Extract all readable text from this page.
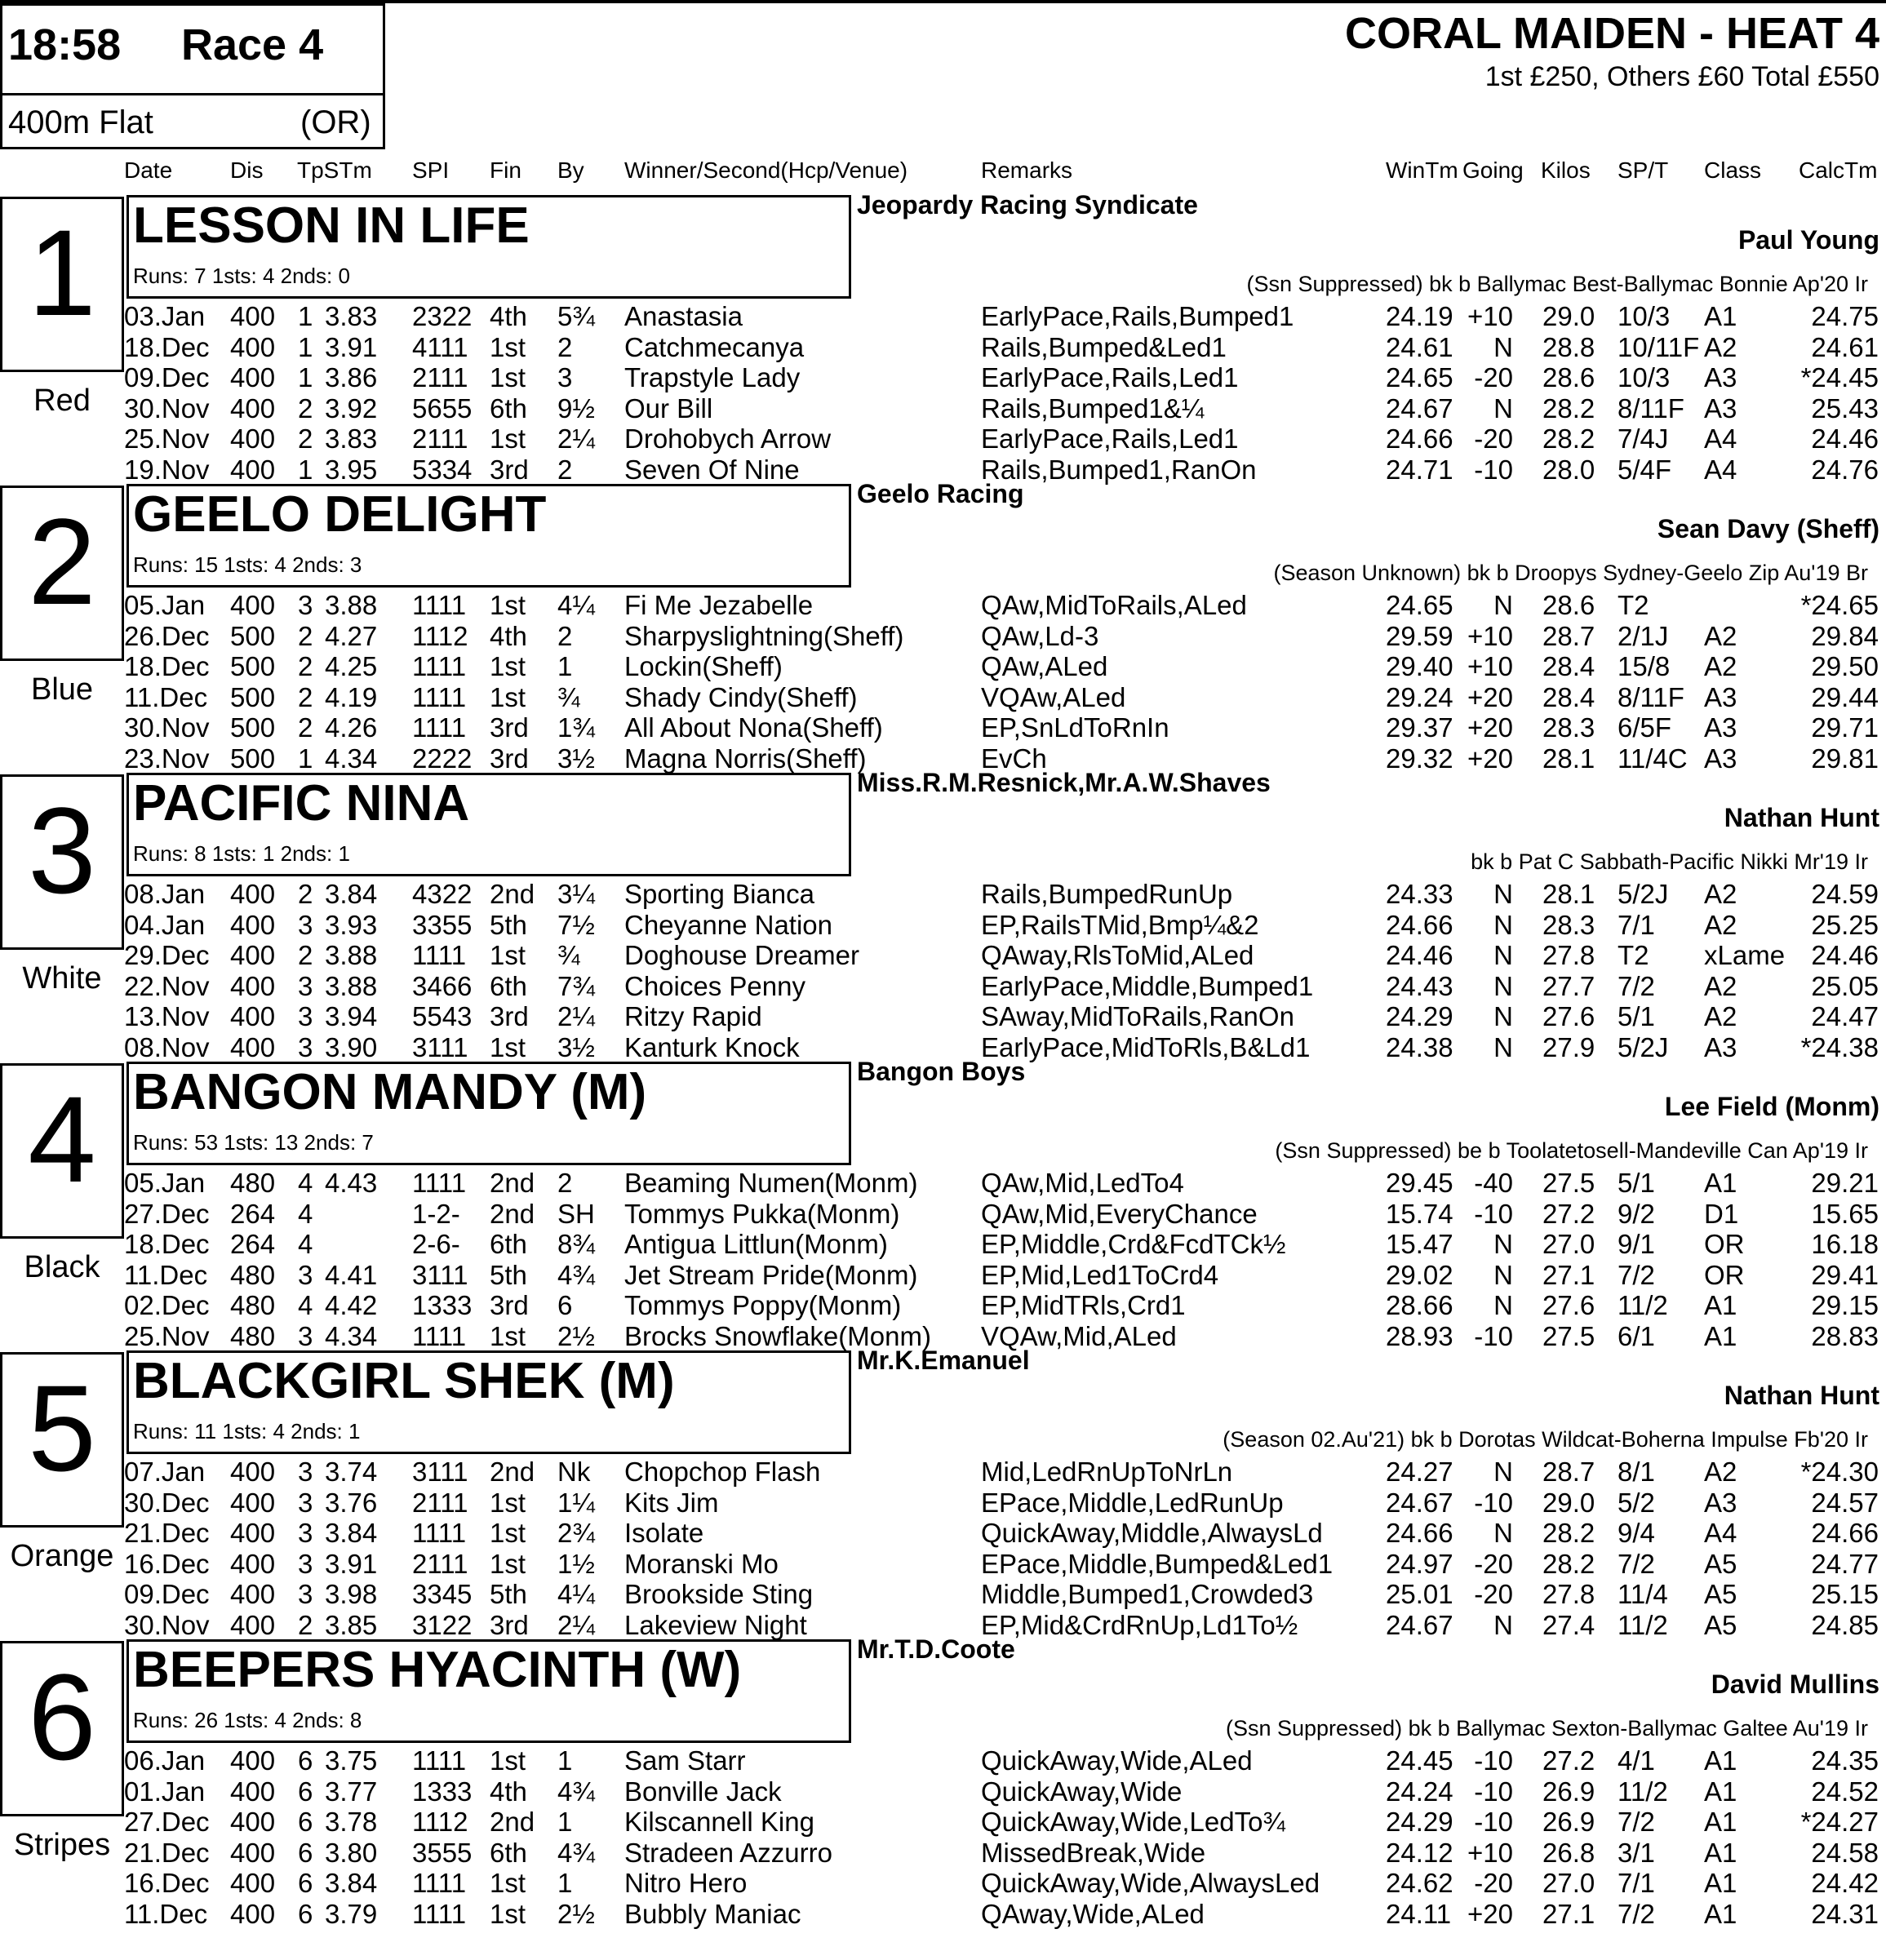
18:58 Race 4
400m Flat	(OR)
CORAL MAIDEN - HEAT 4
1st £250, Others £60 Total £550
Date	Dis TpSTm SPI Fin By Winner/Second(Hcp/Venue)	Remarks	WinTm Going Kilos SP/T Class CalcTm
1
Red
LESSON IN LIFE
Runs: 7 1sts: 4 2nds: 0
Jeopardy Racing Syndicate
Paul Young
(Ssn Suppressed) bk b Ballymac Best-Ballymac Bonnie Ap'20 Ir
03.Jan 400 1 3.83 2322 4th 5¾ Anastasia	EarlyPace,Rails,Bumped1	24.19 +10 29.0 10/3 A1	24.75
18.Dec 400 1 3.91 4111 1st 2 Catchmecanya	Rails,Bumped&Led1	24.61 N 28.8 10/11F A2	24.61
09.Dec 400 1 3.86 2111 1st 3 Trapstyle Lady	EarlyPace,Rails,Led1	24.65 -20 28.6 10/3 A3 *24.45
30.Nov 400 2 3.92 5655 6th 9½ Our Bill	Rails,Bumped1&¼	24.67 N 28.2 8/11F A3	25.43
25.Nov 400 2 3.83 2111 1st 2¼ Drohobych Arrow	EarlyPace,Rails,Led1	24.66 -20 28.2 7/4J A4	24.46
19.Nov 400 1 3.95 5334 3rd 2 Seven Of Nine	Rails,Bumped1,RanOn	24.71 -10 28.0 5/4F A4	24.76
2
Blue
GEELO DELIGHT
Runs: 15 1sts: 4 2nds: 3
Geelo Racing
Sean Davy (Sheff)
(Season Unknown) bk b Droopys Sydney-Geelo Zip Au'19 Br
05.Jan 400 3 3.88 1111 1st 4¼ Fi Me Jezabelle	QAw,MidToRails,ALed	24.65 N 28.6 T2	*24.65
26.Dec 500 2 4.27 1112 4th 2 Sharpyslightning(Sheff)	QAw,Ld-3	29.59 +10 28.7 2/1J A2	29.84
18.Dec 500 2 4.25 1111 1st 1 Lockin(Sheff)	QAw,ALed	29.40 +10 28.4 15/8 A2	29.50
11.Dec 500 2 4.19 1111 1st ¾ Shady Cindy(Sheff)	VQAw,ALed	29.24 +20 28.4 8/11F A3	29.44
30.Nov 500 2 4.26 1111 3rd 1¾ All About Nona(Sheff)	EP,SnLdToRnIn	29.37 +20 28.3 6/5F A3	29.71
23.Nov 500 1 4.34 2222 3rd 3½ Magna Norris(Sheff)	EvCh	29.32 +20 28.1 11/4C A3	29.81
3
White
PACIFIC NINA
Runs: 8 1sts: 1 2nds: 1
Miss.R.M.Resnick,Mr.A.W.Shaves
Nathan Hunt
bk b Pat C Sabbath-Pacific Nikki Mr'19 Ir
08.Jan 400 2 3.84 4322 2nd 3¼ Sporting Bianca	Rails,BumpedRunUp	24.33 N 28.1 5/2J A2	24.59
04.Jan 400 3 3.93 3355 5th 7½ Cheyanne Nation	EP,RailsTMid,Bmp¼&2	24.66 N 28.3 7/1 A2	25.25
29.Dec 400 2 3.88 1111 1st ¾ Doghouse Dreamer	QAway,RlsToMid,ALed	24.46 N 27.8 T2 xLame 24.46
22.Nov 400 3 3.88 3466 6th 7¾ Choices Penny	EarlyPace,Middle,Bumped1	24.43 N 27.7 7/2 A2	25.05
13.Nov 400 3 3.94 5543 3rd 2¼ Ritzy Rapid	SAway,MidToRails,RanOn	24.29 N 27.6 5/1 A2	24.47
08.Nov 400 3 3.90 3111 1st 3½ Kanturk Knock	EarlyPace,MidToRls,B&Ld1	24.38 N 27.9 5/2J A3 *24.38
4
Black
BANGON MANDY (M)
Runs: 53 1sts: 13 2nds: 7
Bangon Boys
Lee Field (Monm)
(Ssn Suppressed) be b Toolatetosell-Mandeville Can Ap'19 Ir
05.Jan 480 4 4.43 1111 2nd 2 Beaming Numen(Monm) QAw,Mid,LedTo4	29.45 -40 27.5 5/1 A1	29.21
27.Dec 264 4	1-2- 2nd SH Tommys Pukka(Monm)	QAw,Mid,EveryChance	15.74 -10 27.2 9/2 D1	15.65
18.Dec 264 4	2-6- 6th 8¾ Antigua Littlun(Monm)	EP,Middle,Crd&FcdTCk½	15.47 N 27.0 9/1 OR 16.18
11.Dec 480 3 4.41 3111 5th 4¾ Jet Stream Pride(Monm) EP,Mid,Led1ToCrd4	29.02 N 27.1 7/2 OR 29.41
02.Dec 480 4 4.42 1333 3rd 6 Tommys Poppy(Monm)	EP,MidTRls,Crd1	28.66 N 27.6 11/2 A1	29.15
25.Nov 480 3 4.34 1111 1st 2½ Brocks Snowflake(Monm) VQAw,Mid,ALed	28.93 -10 27.5 6/1 A1	28.83
5
Orange
BLACKGIRL SHEK (M)
Runs: 11 1sts: 4 2nds: 1
Mr.K.Emanuel
Nathan Hunt
(Season 02.Au'21) bk b Dorotas Wildcat-Boherna Impulse Fb'20 Ir
07.Jan 400 3 3.74 3111 2nd Nk Chopchop Flash	Mid,LedRnUpToNrLn	24.27 N 28.7 8/1 A2 *24.30
30.Dec 400 3 3.76 2111 1st 1¼ Kits Jim	EPace,Middle,LedRunUp	24.67 -10 29.0 5/2 A3	24.57
21.Dec 400 3 3.84 1111 1st 2¾ Isolate	QuickAway,Middle,AlwaysLd 24.66 N 28.2 9/4 A4	24.66
16.Dec 400 3 3.91 2111 1st 1½ Moranski Mo	EPace,Middle,Bumped&Led1 24.97 -20 28.2 7/2 A5	24.77
09.Dec 400 3 3.98 3345 5th 4¼ Brookside Sting	Middle,Bumped1,Crowded3	25.01 -20 27.8 11/4 A5	25.15
30.Nov 400 2 3.85 3122 3rd 2¼ Lakeview Night	EP,Mid&CrdRnUp,Ld1To½	24.67 N 27.4 11/2 A5	24.85
6
Stripes
BEEPERS HYACINTH (W)
Runs: 26 1sts: 4 2nds: 8
Mr.T.D.Coote
David Mullins
(Ssn Suppressed) bk b Ballymac Sexton-Ballymac Galtee Au'19 Ir
06.Jan 400 6 3.75 1111 1st 1 Sam Starr	QuickAway,Wide,ALed	24.45 -10 27.2 4/1 A1	24.35
01.Jan 400 6 3.77 1333 4th 4¾ Bonville Jack	QuickAway,Wide	24.24 -10 26.9 11/2 A1	24.52
27.Dec 400 6 3.78 1112 2nd 1 Kilscannell King	QuickAway,Wide,LedTo¾	24.29 -10 26.9 7/2 A1 *24.27
21.Dec 400 6 3.80 3555 6th 4¾ Stradeen Azzurro	MissedBreak,Wide	24.12 +10 26.8 3/1 A1	24.58
16.Dec 400 6 3.84 1111 1st 1 Nitro Hero	QuickAway,Wide,AlwaysLed 24.62 -20 27.0 7/1 A1	24.42
11.Dec 400 6 3.79 1111 1st 2½ Bubbly Maniac	QAway,Wide,ALed	24.11 +20 27.1 7/2 A1	24.31
